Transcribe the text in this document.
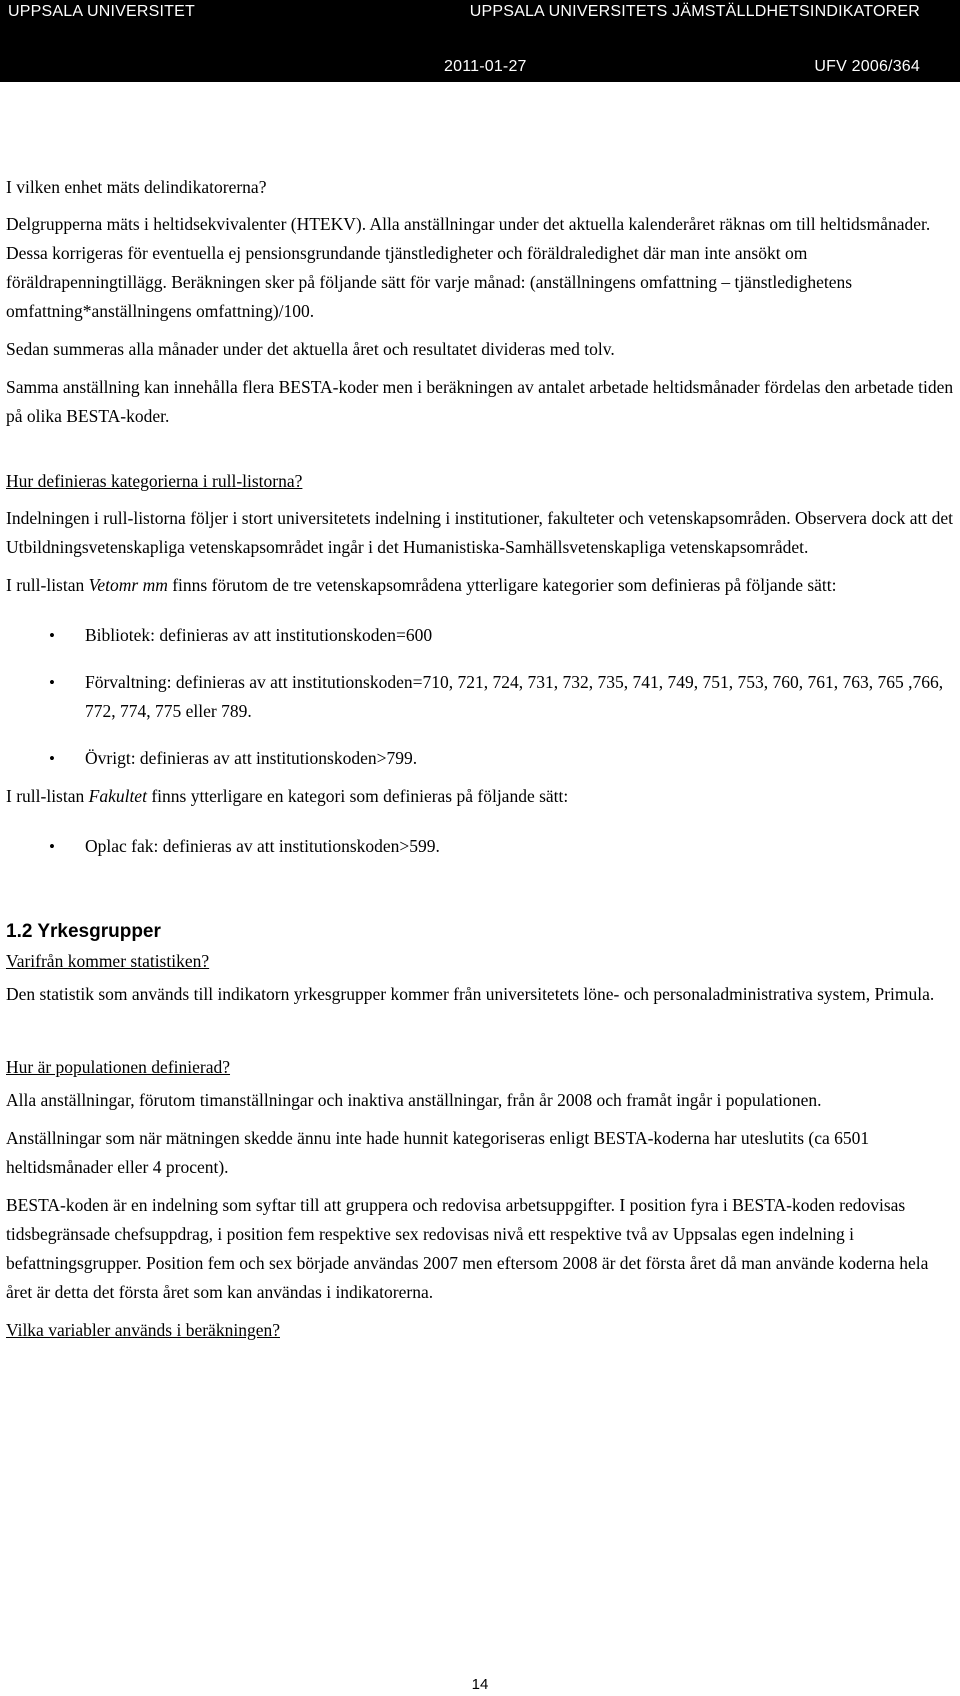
UPPSALA UNIVERSITET	UPPSALA UNIVERSITETS JÄMSTÄLLDHETSINDIKATORER
2011-01-27	UFV 2006/364

I vilken enhet mäts delindikatorerna?

Delgrupperna mäts i heltidsekvivalenter (HTEKV). Alla anställningar under det aktuella kalenderåret räknas om till heltidsmånader. Dessa korrigeras för eventuella ej pensionsgrundande tjänstledigheter och föräldraledighet där man inte ansökt om föräldrapenningtillägg. Beräkningen sker på följande sätt för varje månad: (anställningens omfattning – tjänstledighetens omfattning*anställningens omfattning)/100.

Sedan summeras alla månader under det aktuella året och resultatet divideras med tolv.

Samma anställning kan innehålla flera BESTA-koder men i beräkningen av antalet arbetade heltidsmånader fördelas den arbetade tiden på olika BESTA-koder.

Hur definieras kategorierna i rull-listorna?

Indelningen i rull-listorna följer i stort universitetets indelning i institutioner, fakulteter och vetenskapsområden. Observera dock att det Utbildningsvetenskapliga vetenskapsområdet ingår i det Humanistiska-Samhällsvetenskapliga vetenskapsområdet.

I rull-listan Vetomr mm finns förutom de tre vetenskapsområdena ytterligare kategorier som definieras på följande sätt:

• Bibliotek: definieras av att institutionskoden=600
• Förvaltning: definieras av att institutionskoden=710, 721, 724, 731, 732, 735, 741, 749, 751, 753, 760, 761, 763, 765 ,766, 772, 774, 775 eller 789.
• Övrigt: definieras av att institutionskoden>799.

I rull-listan Fakultet finns ytterligare en kategori som definieras på följande sätt:

• Oplac fak: definieras av att institutionskoden>599.

1.2 Yrkesgrupper

Varifrån kommer statistiken?

Den statistik som används till indikatorn yrkesgrupper kommer från universitetets löne- och personaladministrativa system, Primula.

Hur är populationen definierad?

Alla anställningar, förutom timanställningar och inaktiva anställningar, från år 2008 och framåt ingår i populationen.

Anställningar som när mätningen skedde ännu inte hade hunnit kategoriseras enligt BESTA-koderna har uteslutits (ca 6501 heltidsmånader eller 4 procent).

BESTA-koden är en indelning som syftar till att gruppera och redovisa arbetsuppgifter. I position fyra i BESTA-koden redovisas tidsbegränsade chefsuppdrag, i position fem respektive sex redovisas nivå ett respektive två av Uppsalas egen indelning i befattningsgrupper. Position fem och sex började användas 2007 men eftersom 2008 är det första året då man använde koderna hela året är detta det första året som kan användas i indikatorerna.

Vilka variabler används i beräkningen?

14
